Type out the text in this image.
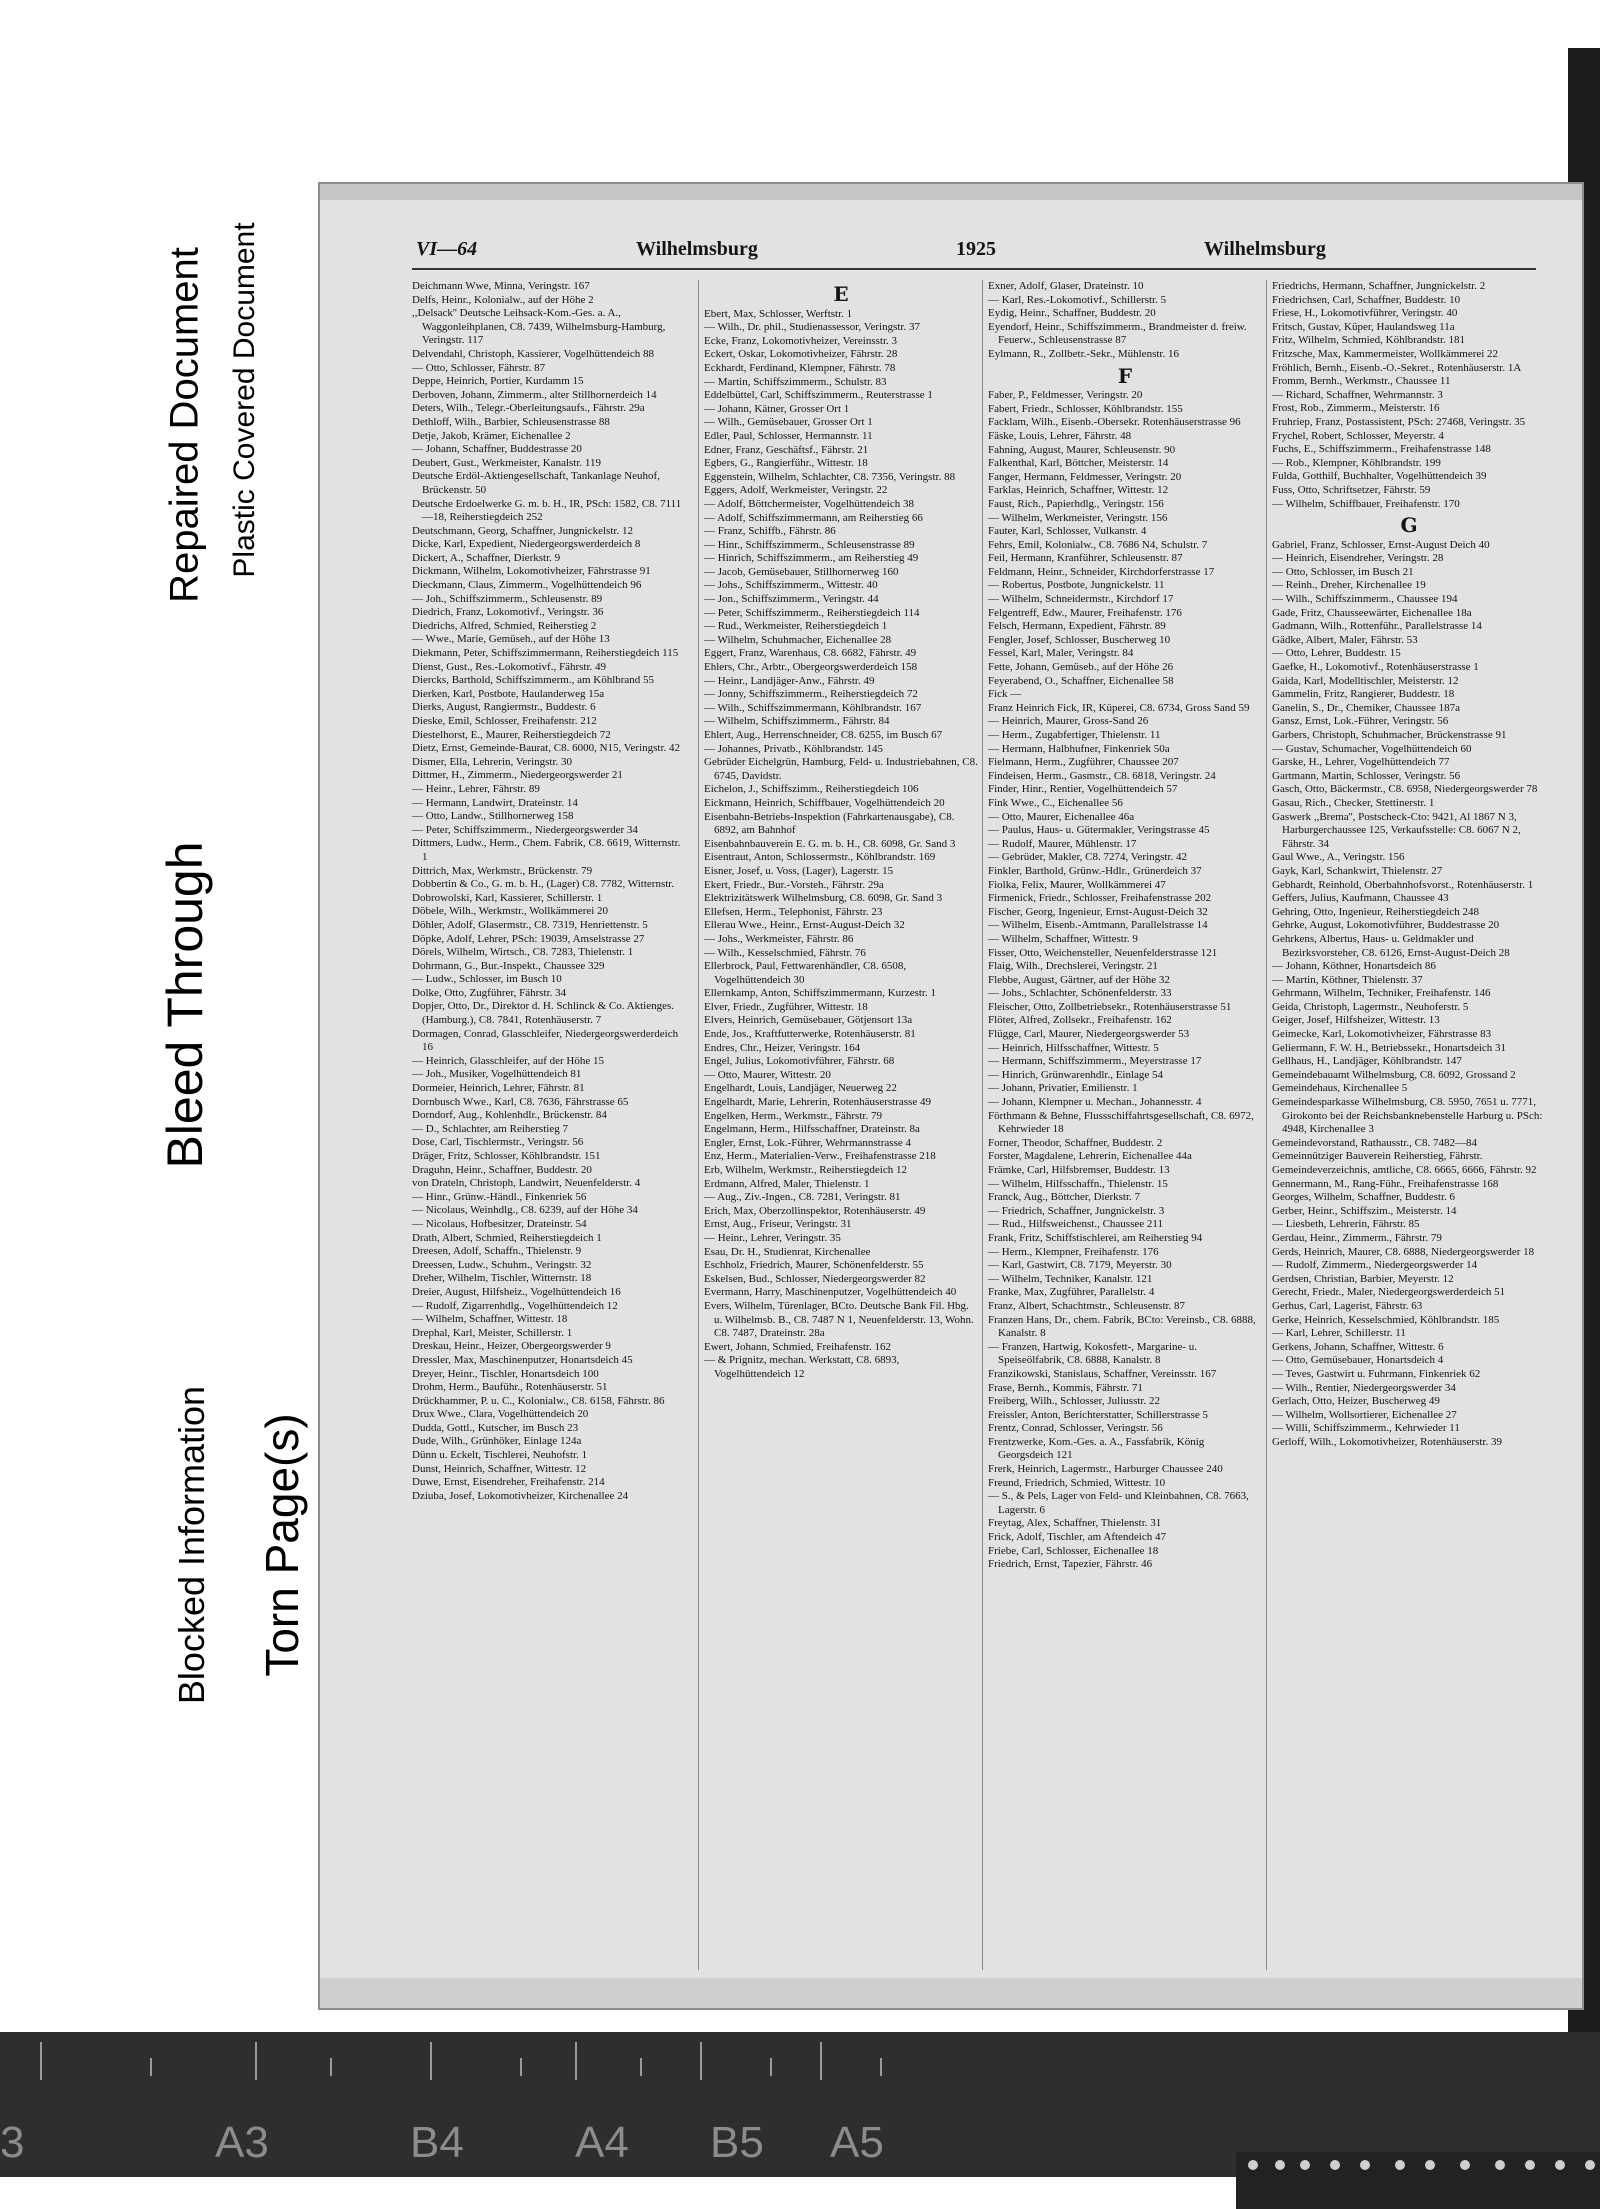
Repaired Document Plastic Covered Document
Bleed Through
Blocked Information Torn Page(s)
VI—64	Wilhelmsburg	1925	Wilhelmsburg

Deichmann Wwe, Minna, Veringstr. 167

Delfs, Heinr., Kolonialw., auf der Höhe 2

,,Delsack'' Deutsche Leihsack-Kom.-Ges. a. A., Waggonleihplanen, C8. 7439, Wilhelmsburg-Hamburg, Veringstr. 117

Delvendahl, Christoph, Kassierer, Vogelhüttendeich 88

— Otto, Schlosser, Fährstr. 87

Deppe, Heinrich, Portier, Kurdamm 15

Derboven, Johann, Zimmerm., alter Stillhornerdeich 14

Deters, Wilh., Telegr.-Oberleitungsaufs., Fährstr. 29a

Dethloff, Wilh., Barbier, Schleusenstrasse 88

Detje, Jakob, Krämer, Eichenallee 2

— Johann, Schaffner, Buddestrasse 20

Deubert, Gust., Werkmeister, Kanalstr. 119

Deutsche Erdöl-Aktiengesellschaft, Tankanlage Neuhof, Brückenstr. 50

Deutsche Erdoelwerke G. m. b. H., IR, PSch: 1582, C8. 7111—18, Reiherstiegdeich 252

Deutschmann, Georg, Schaffner, Jungnickelstr. 12

Dicke, Karl, Expedient, Niedergeorgswerderdeich 8

Dickert, A., Schaffner, Dierkstr. 9

Dickmann, Wilhelm, Lokomotivheizer, Fährstrasse 91

Dieckmann, Claus, Zimmerm., Vogelhüttendeich 96

— Joh., Schiffszimmerm., Schleusenstr. 89

Diedrich, Franz, Lokomotivf., Veringstr. 36

Diedrichs, Alfred, Schmied, Reiherstieg 2

— Wwe., Marie, Gemüseh., auf der Höhe 13

Diekmann, Peter, Schiffszimmermann, Reiherstiegdeich 115

Dienst, Gust., Res.-Lokomotivf., Fährstr. 49

Diercks, Barthold, Schiffszimmerm., am Köhlbrand 55

Dierken, Karl, Postbote, Haulanderweg 15a

Dierks, August, Rangiermstr., Buddestr. 6

Dieske, Emil, Schlosser, Freihafenstr. 212

Diestelhorst, E., Maurer, Reiherstiegdeich 72

Dietz, Ernst, Gemeinde-Baurat, C8. 6000, N15, Veringstr. 42

Dismer, Ella, Lehrerin, Veringstr. 30

Dittmer, H., Zimmerm., Niedergeorgswerder 21

— Heinr., Lehrer, Fährstr. 89

— Hermann, Landwirt, Drateinstr. 14

— Otto, Landw., Stillhornerweg 158

— Peter, Schiffszimmerm., Niedergeorgswerder 34

Dittmers, Ludw., Herm., Chem. Fabrik, C8. 6619, Witternstr. 1

Dittrich, Max, Werkmstr., Brückenstr. 79

Dobbertin & Co., G. m. b. H., (Lager) C8. 7782, Witternstr.

Dobrowolski, Karl, Kassierer, Schillerstr. 1

Döbele, Wilh., Werkmstr., Wollkämmerei 20

Döhler, Adolf, Glasermstr., C8. 7319, Henriettenstr. 5

Döpke, Adolf, Lehrer, PSch: 19039, Amselstrasse 27

Dörels, Wilhelm, Wirtsch., C8. 7283, Thielenstr. 1

Dohrmann, G., Bur.-Inspekt., Chaussee 329

— Ludw., Schlosser, im Busch 10

Dolke, Otto, Zugführer, Fährstr. 34

Dopjer, Otto, Dr., Direktor d. H. Schlinck & Co. Aktienges. (Hamburg.), C8. 7841, Rotenhäuserstr. 7

Dormagen, Conrad, Glasschleifer, Niedergeorgswerderdeich 16

— Heinrich, Glasschleifer, auf der Höhe 15

— Joh., Musiker, Vogelhüttendeich 81

Dormeier, Heinrich, Lehrer, Fährstr. 81

Dornbusch Wwe., Karl, C8. 7636, Fährstrasse 65

Dorndorf, Aug., Kohlenhdlr., Brückenstr. 84

— D., Schlachter, am Reiherstieg 7

Dose, Carl, Tischlermstr., Veringstr. 56

Dräger, Fritz, Schlosser, Köhlbrandstr. 151

Draguhn, Heinr., Schaffner, Buddestr. 20

von Drateln, Christoph, Landwirt, Neuenfelderstr. 4

— Hinr., Grünw.-Händl., Finkenriek 56

— Nicolaus, Weinhdlg., C8. 6239, auf der Höhe 34

— Nicolaus, Hofbesitzer, Drateinstr. 54

Drath, Albert, Schmied, Reiherstiegdeich 1

Dreesen, Adolf, Schaffn., Thielenstr. 9

Dreessen, Ludw., Schuhm., Veringstr. 32

Dreher, Wilhelm, Tischler, Witternstr. 18

Dreier, August, Hilfsheiz., Vogelhüttendeich 16

— Rudolf, Zigarrenhdlg., Vogelhüttendeich 12

— Wilhelm, Schaffner, Wittestr. 18

Drephal, Karl, Meister, Schillerstr. 1

Dreskau, Heinr., Heizer, Obergeorgswerder 9

Dressler, Max, Maschinenputzer, Honartsdeich 45

Dreyer, Heinr., Tischler, Honartsdeich 100

Drohm, Herm., Bauführ., Rotenhäuserstr. 51

Drückhammer, P. u. C., Kolonialw., C8. 6158, Fährstr. 86

Drux Wwe., Clara, Vogelhüttendeich 20

Dudda, Gottl., Kutscher, im Busch 23

Dude, Wilh., Grünhöker, Einlage 124a

Dünn u. Eckelt, Tischlerei, Neuhofstr. 1

Dunst, Heinrich, Schaffner, Wittestr. 12

Duwe, Ernst, Eisendreher, Freihafenstr. 214

Dziuba, Josef, Lokomotivheizer, Kirchenallee 24

E

Ebert, Max, Schlosser, Werftstr. 1

— Wilh., Dr. phil., Studienassessor, Veringstr. 37

Ecke, Franz, Lokomotivheizer, Vereinsstr. 3

Eckert, Oskar, Lokomotivheizer, Fährstr. 28

Eckhardt, Ferdinand, Klempner, Fährstr. 78

— Martin, Schiffszimmerm., Schulstr. 83

Eddelbüttel, Carl, Schiffszimmerm., Reuterstrasse 1

— Johann, Kätner, Grosser Ort 1

— Wilh., Gemüsebauer, Grosser Ort 1

Edler, Paul, Schlosser, Hermannstr. 11

Edner, Franz, Geschäftsf., Fährstr. 21

Egbers, G., Rangierführ., Wittestr. 18

Eggenstein, Wilhelm, Schlachter, C8. 7356, Veringstr. 88

Eggers, Adolf, Werkmeister, Veringstr. 22

— Adolf, Böttchermeister, Vogelhüttendeich 38

— Adolf, Schiffszimmermann, am Reiherstieg 66

— Franz, Schiffb., Fährstr. 86

— Hinr., Schiffszimmerm., Schleusenstrasse 89

— Hinrich, Schiffszimmerm., am Reiherstieg 49

— Jacob, Gemüsebauer, Stillhornerweg 160

— Johs., Schiffszimmerm., Wittestr. 40

— Jon., Schiffszimmerm., Veringstr. 44

— Peter, Schiffszimmerm., Reiherstiegdeich 114

— Rud., Werkmeister, Reiherstiegdeich 1

— Wilhelm, Schuhmacher, Eichenallee 28

Eggert, Franz, Warenhaus, C8. 6682, Fährstr. 49

Ehlers, Chr., Arbtr., Obergeorgswerderdeich 158

— Heinr., Landjäger-Anw., Fährstr. 49

— Jonny, Schiffszimmerm., Reiherstiegdeich 72

— Wilh., Schiffszimmermann, Köhlbrandstr. 167

— Wilhelm, Schiffszimmerm., Fährstr. 84

Ehlert, Aug., Herrenschneider, C8. 6255, im Busch 67

— Johannes, Privatb., Köhlbrandstr. 145

Gebrüder Eichelgrün, Hamburg, Feld- u. Industriebahnen, C8. 6745, Davidstr.

Eichelon, J., Schiffszimm., Reiherstiegdeich 106

Eickmann, Heinrich, Schiffbauer, Vogelhüttendeich 20

Eisenbahn-Betriebs-Inspektion (Fahrkartenausgabe), C8. 6892, am Bahnhof

Eisenbahnbauverein E. G. m. b. H., C8. 6098, Gr. Sand 3

Eisentraut, Anton, Schlossermstr., Köhlbrandstr. 169

Eisner, Josef, u. Voss, (Lager), Lagerstr. 15

Ekert, Friedr., Bur.-Vorsteh., Fährstr. 29a

Elektrizitätswerk Wilhelmsburg, C8. 6098, Gr. Sand 3

Ellefsen, Herm., Telephonist, Fährstr. 23

Ellerau Wwe., Heinr., Ernst-August-Deich 32

— Johs., Werkmeister, Fährstr. 86

— Wilh., Kesselschmied, Fährstr. 76

Ellerbrock, Paul, Fettwarenhändler, C8. 6508, Vogelhüttendeich 30

Ellernkamp, Anton, Schiffszimmermann, Kurzestr. 1

Elver, Friedr., Zugführer, Wittestr. 18

Elvers, Heinrich, Gemüsebauer, Götjensort 13a

Ende, Jos., Kraftfutterwerke, Rotenhäuserstr. 81

Endres, Chr., Heizer, Veringstr. 164

Engel, Julius, Lokomotivführer, Fährstr. 68

— Otto, Maurer, Wittestr. 20

Engelhardt, Louis, Landjäger, Neuerweg 22

Engelhardt, Marie, Lehrerin, Rotenhäuserstrasse 49

Engelken, Herm., Werkmstr., Fährstr. 79

Engelmann, Herm., Hilfsschaffner, Drateinstr. 8a

Engler, Ernst, Lok.-Führer, Wehrmannstrasse 4

Enz, Herm., Materialien-Verw., Freihafenstrasse 218

Erb, Wilhelm, Werkmstr., Reiherstiegdeich 12

Erdmann, Alfred, Maler, Thielenstr. 1

— Aug., Ziv.-Ingen., C8. 7281, Veringstr. 81

Erich, Max, Oberzollinspektor, Rotenhäuserstr. 49

Ernst, Aug., Friseur, Veringstr. 31

— Heinr., Lehrer, Veringstr. 35

Esau, Dr. H., Studienrat, Kirchenallee

Eschholz, Friedrich, Maurer, Schönenfelderstr. 55

Eskelsen, Bud., Schlosser, Niedergeorgswerder 82

Evermann, Harry, Maschinenputzer, Vogelhüttendeich 40

Evers, Wilhelm, Türenlager, BCto. Deutsche Bank Fil. Hbg. u. Wilhelmsb. B., C8. 7487 N 1, Neuenfelderstr. 13, Wohn. C8. 7487, Drateinstr. 28a

Ewert, Johann, Schmied, Freihafenstr. 162

— & Prignitz, mechan. Werkstatt, C8. 6893, Vogelhüttendeich 12

Exner, Adolf, Glaser, Drateinstr. 10

— Karl, Res.-Lokomotivf., Schillerstr. 5

Eydig, Heinr., Schaffner, Buddestr. 20

Eyendorf, Heinr., Schiffszimmerm., Brandmeister d. freiw. Feuerw., Schleusenstrasse 87

Eylmann, R., Zollbetr.-Sekr., Mühlenstr. 16

F

Faber, P., Feldmesser, Veringstr. 20

Fabert, Friedr., Schlosser, Köhlbrandstr. 155

Facklam, Wilh., Eisenb.-Obersekr. Rotenhäuserstrasse 96

Fäske, Louis, Lehrer, Fährstr. 48

Fahning, August, Maurer, Schleusenstr. 90

Falkenthal, Karl, Böttcher, Meisterstr. 14

Fanger, Hermann, Feldmesser, Veringstr. 20

Farklas, Heinrich, Schaffner, Wittestr. 12

Faust, Rich., Papierhdlg., Veringstr. 156

— Wilhelm, Werkmeister, Veringstr. 156

Fauter, Karl, Schlosser, Vulkanstr. 4

Fehrs, Emil, Kolonialw., C8. 7686 N4, Schulstr. 7

Feil, Hermann, Kranführer, Schleusenstr. 87

Feldmann, Heinr., Schneider, Kirchdorferstrasse 17

— Robertus, Postbote, Jungnickelstr. 11

— Wilhelm, Schneidermstr., Kirchdorf 17

Felgentreff, Edw., Maurer, Freihafenstr. 176

Felsch, Hermann, Expedient, Fährstr. 89

Fengler, Josef, Schlosser, Buscherweg 10

Fessel, Karl, Maler, Veringstr. 84

Fette, Johann, Gemüseb., auf der Höhe 26

Feyerabend, O., Schaffner, Eichenallee 58

Fick —

Franz Heinrich Fick, IR, Küperei, C8. 6734, Gross Sand 59

— Heinrich, Maurer, Gross-Sand 26

— Herm., Zugabfertiger, Thielenstr. 11

— Hermann, Halbhufner, Finkenriek 50a

Fielmann, Herm., Zugführer, Chaussee 207

Findeisen, Herm., Gasmstr., C8. 6818, Veringstr. 24

Finder, Hinr., Rentier, Vogelhüttendeich 57

Fink Wwe., C., Eichenallee 56

— Otto, Maurer, Eichenallee 46a

— Paulus, Haus- u. Gütermakler, Veringstrasse 45

— Rudolf, Maurer, Mühlenstr. 17

— Gebrüder, Makler, C8. 7274, Veringstr. 42

Finkler, Barthold, Grünw.-Hdlr., Grünerdeich 37

Fiolka, Felix, Maurer, Wollkämmerei 47

Firmenick, Friedr., Schlosser, Freihafenstrasse 202

Fischer, Georg, Ingenieur, Ernst-August-Deich 32

— Wilhelm, Eisenb.-Amtmann, Parallelstrasse 14

— Wilhelm, Schaffner, Wittestr. 9

Fisser, Otto, Weichensteller, Neuenfelderstrasse 121

Flaig, Wilh., Drechslerei, Veringstr. 21

Flebbe, August, Gärtner, auf der Höhe 32

— Johs., Schlachter, Schönenfelderstr. 33

Fleischer, Otto, Zollbetriebsekr., Rotenhäuserstrasse 51

Flöter, Alfred, Zollsekr., Freihafenstr. 162

Flügge, Carl, Maurer, Niedergeorgswerder 53

— Heinrich, Hilfsschaffner, Wittestr. 5

— Hermann, Schiffszimmerm., Meyerstrasse 17

— Hinrich, Grünwarenhdlr., Einlage 54

— Johann, Privatier, Emilienstr. 1

— Johann, Klempner u. Mechan., Johannesstr. 4

Förthmann & Behne, Flussschiffahrtsgesellschaft, C8. 6972, Kehrwieder 18

Forner, Theodor, Schaffner, Buddestr. 2

Forster, Magdalene, Lehrerin, Eichenallee 44a

Främke, Carl, Hilfsbremser, Buddestr. 13

— Wilhelm, Hilfsschaffn., Thielenstr. 15

Franck, Aug., Böttcher, Dierkstr. 7

— Friedrich, Schaffner, Jungnickelstr. 3

— Rud., Hilfsweichenst., Chaussee 211

Frank, Fritz, Schiffstischlerei, am Reiherstieg 94

— Herm., Klempner, Freihafenstr. 176

— Karl, Gastwirt, C8. 7179, Meyerstr. 30

— Wilhelm, Techniker, Kanalstr. 121

Franke, Max, Zugführer, Parallelstr. 4

Franz, Albert, Schachtmstr., Schleusenstr. 87

Franzen Hans, Dr., chem. Fabrik, BCto: Vereinsb., C8. 6888, Kanalstr. 8

— Franzen, Hartwig, Kokosfett-, Margarine- u. Speiseölfabrik, C8. 6888, Kanalstr. 8

Franzikowski, Stanislaus, Schaffner, Vereinsstr. 167

Frase, Bernh., Kommis, Fährstr. 71

Freiberg, Wilh., Schlosser, Juliusstr. 22

Freissler, Anton, Berichterstatter, Schillerstrasse 5

Frentz, Conrad, Schlosser, Veringstr. 56

Frentzwerke, Kom.-Ges. a. A., Fassfabrik, König Georgsdeich 121

Frerk, Heinrich, Lagermstr., Harburger Chaussee 240

Freund, Friedrich, Schmied, Wittestr. 10

— S., & Pels, Lager von Feld- und Kleinbahnen, C8. 7663, Lagerstr. 6

Freytag, Alex, Schaffner, Thielenstr. 31

Frick, Adolf, Tischler, am Aftendeich 47

Friebe, Carl, Schlosser, Eichenallee 18

Friedrich, Ernst, Tapezier, Fährstr. 46

Friedrichs, Hermann, Schaffner, Jungnickelstr. 2

Friedrichsen, Carl, Schaffner, Buddestr. 10

Friese, H., Lokomotivführer, Veringstr. 40

Fritsch, Gustav, Küper, Haulandsweg 11a

Fritz, Wilhelm, Schmied, Köhlbrandstr. 181

Fritzsche, Max, Kammermeister, Wollkämmerei 22

Fröhlich, Bernh., Eisenb.-O.-Sekret., Rotenhäuserstr. 1A

Fromm, Bernh., Werkmstr., Chaussee 11

— Richard, Schaffner, Wehrmannstr. 3

Frost, Rob., Zimmerm., Meisterstr. 16

Fruhriep, Franz, Postassistent, PSch: 27468, Veringstr. 35

Frychel, Robert, Schlosser, Meyerstr. 4

Fuchs, E., Schiffszimmerm., Freihafenstrasse 148

— Rob., Klempner, Köhlbrandstr. 199

Fulda, Gotthilf, Buchhalter, Vogelhüttendeich 39

Fuss, Otto, Schriftsetzer, Fährstr. 59

— Wilhelm, Schiffbauer, Freihafenstr. 170

G

Gabriel, Franz, Schlosser, Ernst-August Deich 40

— Heinrich, Eisendreher, Veringstr. 28

— Otto, Schlosser, im Busch 21

— Reinh., Dreher, Kirchenallee 19

— Wilh., Schiffszimmerm., Chaussee 194

Gade, Fritz, Chausseewärter, Eichenallee 18a

Gadmann, Wilh., Rottenführ., Parallelstrasse 14

Gädke, Albert, Maler, Fährstr. 53

— Otto, Lehrer, Buddestr. 15

Gaefke, H., Lokomotivf., Rotenhäuserstrasse 1

Gaida, Karl, Modelltischler, Meisterstr. 12

Gammelin, Fritz, Rangierer, Buddestr. 18

Ganelin, S., Dr., Chemiker, Chaussee 187a

Gansz, Ernst, Lok.-Führer, Veringstr. 56

Garbers, Christoph, Schuhmacher, Brückenstrasse 91

— Gustav, Schumacher, Vogelhüttendeich 60

Garske, H., Lehrer, Vogelhüttendeich 77

Gartmann, Martin, Schlosser, Veringstr. 56

Gasch, Otto, Bäckermstr., C8. 6958, Niedergeorgswerder 78

Gasau, Rich., Checker, Stettinerstr. 1

Gaswerk ,,Brema'', Postscheck-Cto: 9421, Al 1867 N 3, Harburgerchaussee 125, Verkaufsstelle: C8. 6067 N 2, Fährstr. 34

Gaul Wwe., A., Veringstr. 156

Gayk, Karl, Schankwirt, Thielenstr. 27

Gebhardt, Reinhold, Oberbahnhofsvorst., Rotenhäuserstr. 1

Geffers, Julius, Kaufmann, Chaussee 43

Gehring, Otto, Ingenieur, Reiherstiegdeich 248

Gehrke, August, Lokomotivführer, Buddestrasse 20

Gehrkens, Albertus, Haus- u. Geldmakler und Bezirksvorsteher, C8. 6126, Ernst-August-Deich 28

— Johann, Köthner, Honartsdeich 86

— Martin, Köthner, Thielenstr. 37

Gehrmann, Wilhelm, Techniker, Freihafenstr. 146

Geida, Christoph, Lagermstr., Neuhoferstr. 5

Geiger, Josef, Hilfsheizer, Wittestr. 13

Geimecke, Karl, Lokomotivheizer, Fährstrasse 83

Geliermann, F. W. H., Betriebssekr., Honartsdeich 31

Gellhaus, H., Landjäger, Köhlbrandstr. 147

Gemeindebauamt Wilhelmsburg, C8. 6092, Grossand 2

Gemeindehaus, Kirchenallee 5

Gemeindesparkasse Wilhelmsburg, C8. 5950, 7651 u. 7771, Girokonto bei der Reichsbanknebenstelle Harburg u. PSch: 4948, Kirchenallee 3

Gemeindevorstand, Rathausstr., C8. 7482—84

Gemeinnütziger Bauverein Reiherstieg, Fährstr.

Gemeindeverzeichnis, amtliche, C8. 6665, 6666, Fährstr. 92

Gennermann, M., Rang-Führ., Freihafenstrasse 168

Georges, Wilhelm, Schaffner, Buddestr. 6

Gerber, Heinr., Schiffszim., Meisterstr. 14

— Liesbeth, Lehrerin, Fährstr. 85

Gerdau, Heinr., Zimmerm., Fährstr. 79

Gerds, Heinrich, Maurer, C8. 6888, Niedergeorgswerder 18

— Rudolf, Zimmerm., Niedergeorgswerder 14

Gerdsen, Christian, Barbier, Meyerstr. 12

Gerecht, Friedr., Maler, Niedergeorgswerderdeich 51

Gerhus, Carl, Lagerist, Fährstr. 63

Gerke, Heinrich, Kesselschmied, Köhlbrandstr. 185

— Karl, Lehrer, Schillerstr. 11

Gerkens, Johann, Schaffner, Wittestr. 6

— Otto, Gemüsebauer, Honartsdeich 4

— Teves, Gastwirt u. Fuhrmann, Finkenriek 62

— Wilh., Rentier, Niedergeorgswerder 34

Gerlach, Otto, Heizer, Buscherweg 49

— Wilhelm, Wollsortierer, Eichenallee 27

— Willi, Schiffszimmerm., Kehrwieder 11

Gerloff, Wilh., Lokomotivheizer, Rotenhäuserstr. 39

3	A3	B4	A4 B5 A5
